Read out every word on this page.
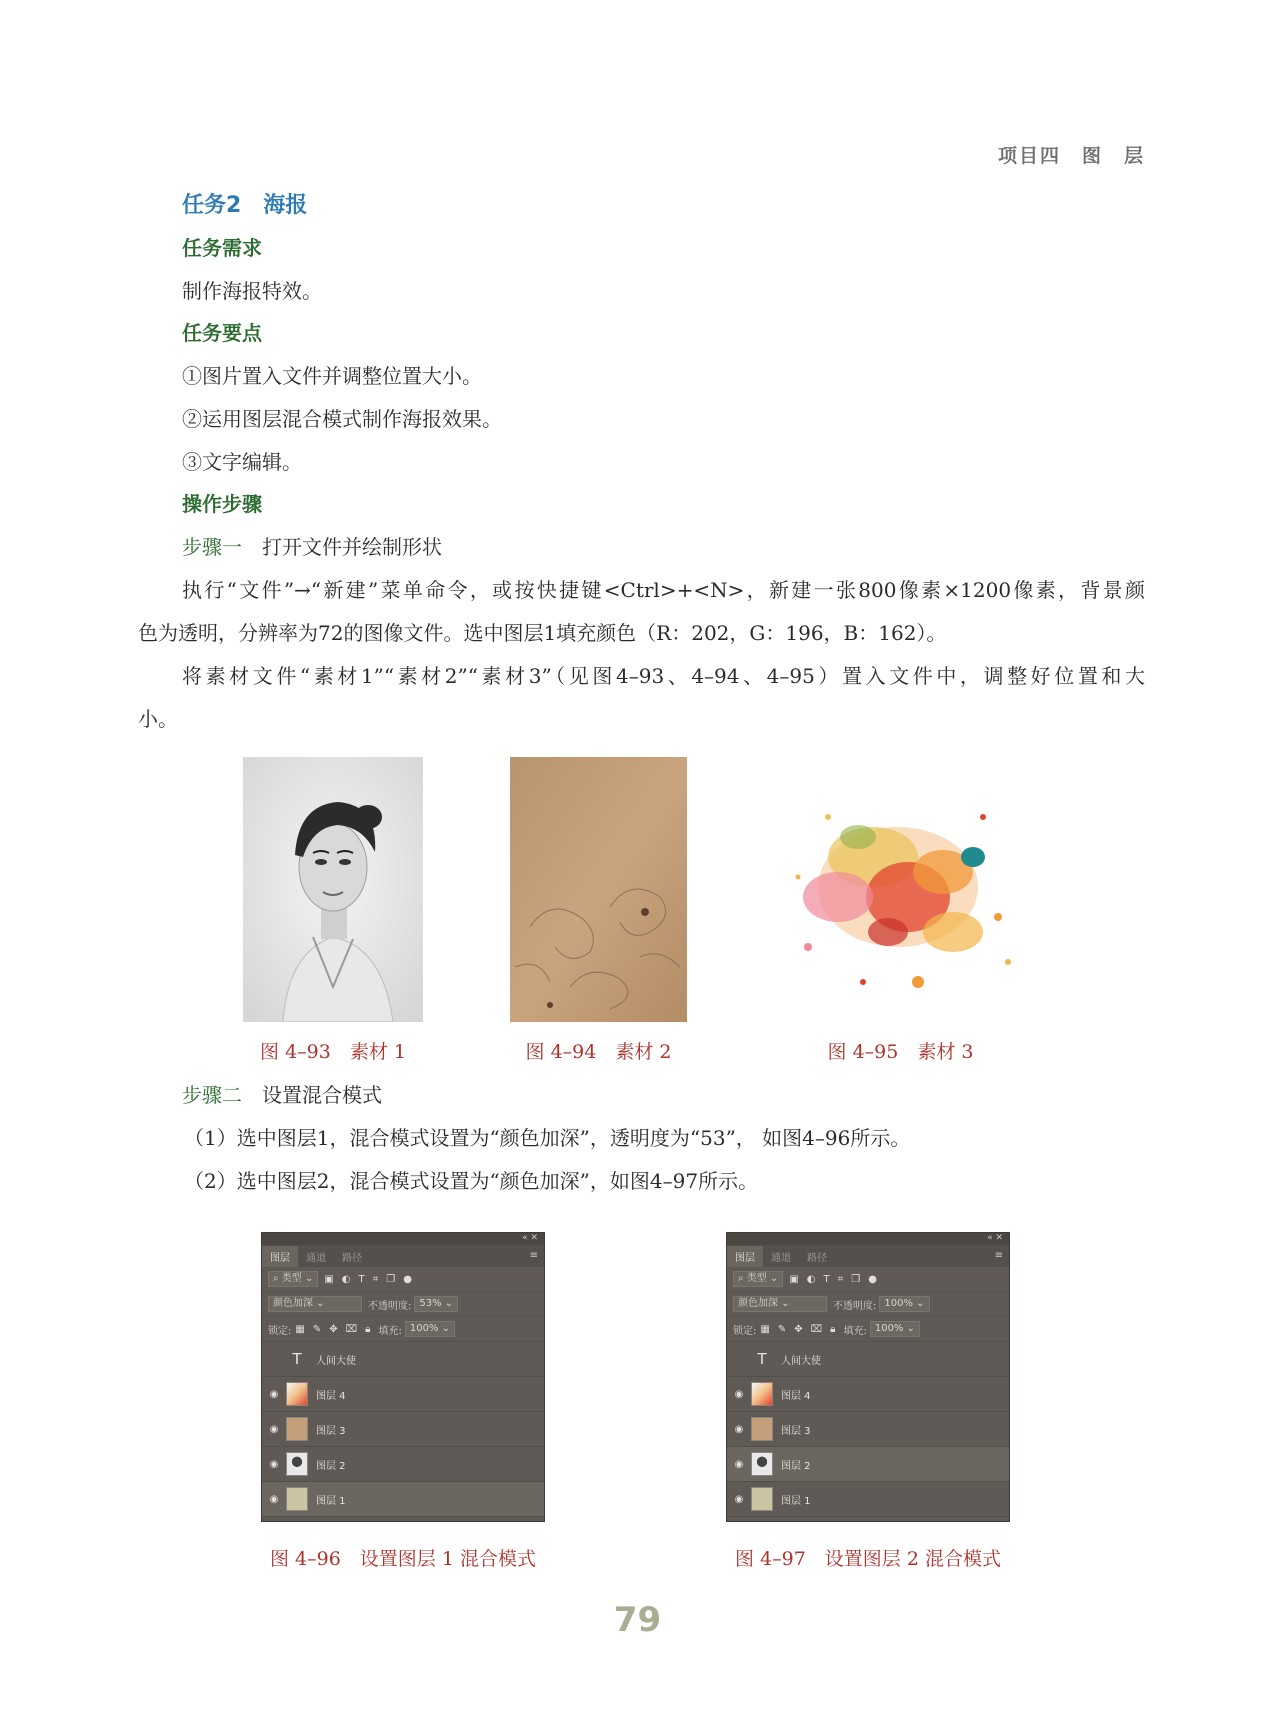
项目四　图　层
任务2　海报
任务需求
制作海报特效。
任务要点
①图片置入文件并调整位置大小。
②运用图层混合模式制作海报效果。
③文字编辑。
操作步骤
步骤一　 打开文件并绘制形状
执行“文件”→“新建”菜单命令，或按快捷键<Ctrl>+<N>，新建一张800像素×1200像素，背景颜
色为透明，分辨率为72的图像文件。选中图层1填充颜色（R：202，G：196，B：162）。
将素材文件“素材1”“素材2”“素材3”（见图4–93、4–94、4–95）置入文件中，调整好位置和大
小。
图 4–93　素材 1	图 4–94　素材 2	图 4–95　素材 3
步骤二　 设置混合模式
（1）选中图层1，混合模式设置为“颜色加深”，透明度为“53”， 如图4–96所示。
（2）选中图层2，混合模式设置为“颜色加深”，如图4–97所示。
« ✕
图层	通道	路径	≡
⌕ 类型 ⌄	▣ ◐ T ⌗ ❐ ●
颜色加深 ⌄	不透明度: 53% ⌄
锁定: ▦ ✎ ✥ ⌧ 🔒︎ 填充: 100% ⌄
T	人间大使
◉	图层 4
◉	图层 3
◉	图层 2
◉	图层 1
« ✕
图层	通道	路径	≡
⌕ 类型 ⌄	▣ ◐ T ⌗ ❐ ●
颜色加深 ⌄	不透明度: 100% ⌄
锁定: ▦ ✎ ✥ ⌧ 🔒︎ 填充: 100% ⌄
T	人间大使
◉	图层 4
◉	图层 3
◉	图层 2
◉	图层 1
图 4–96　设置图层 1 混合模式	图 4–97　设置图层 2 混合模式
79
